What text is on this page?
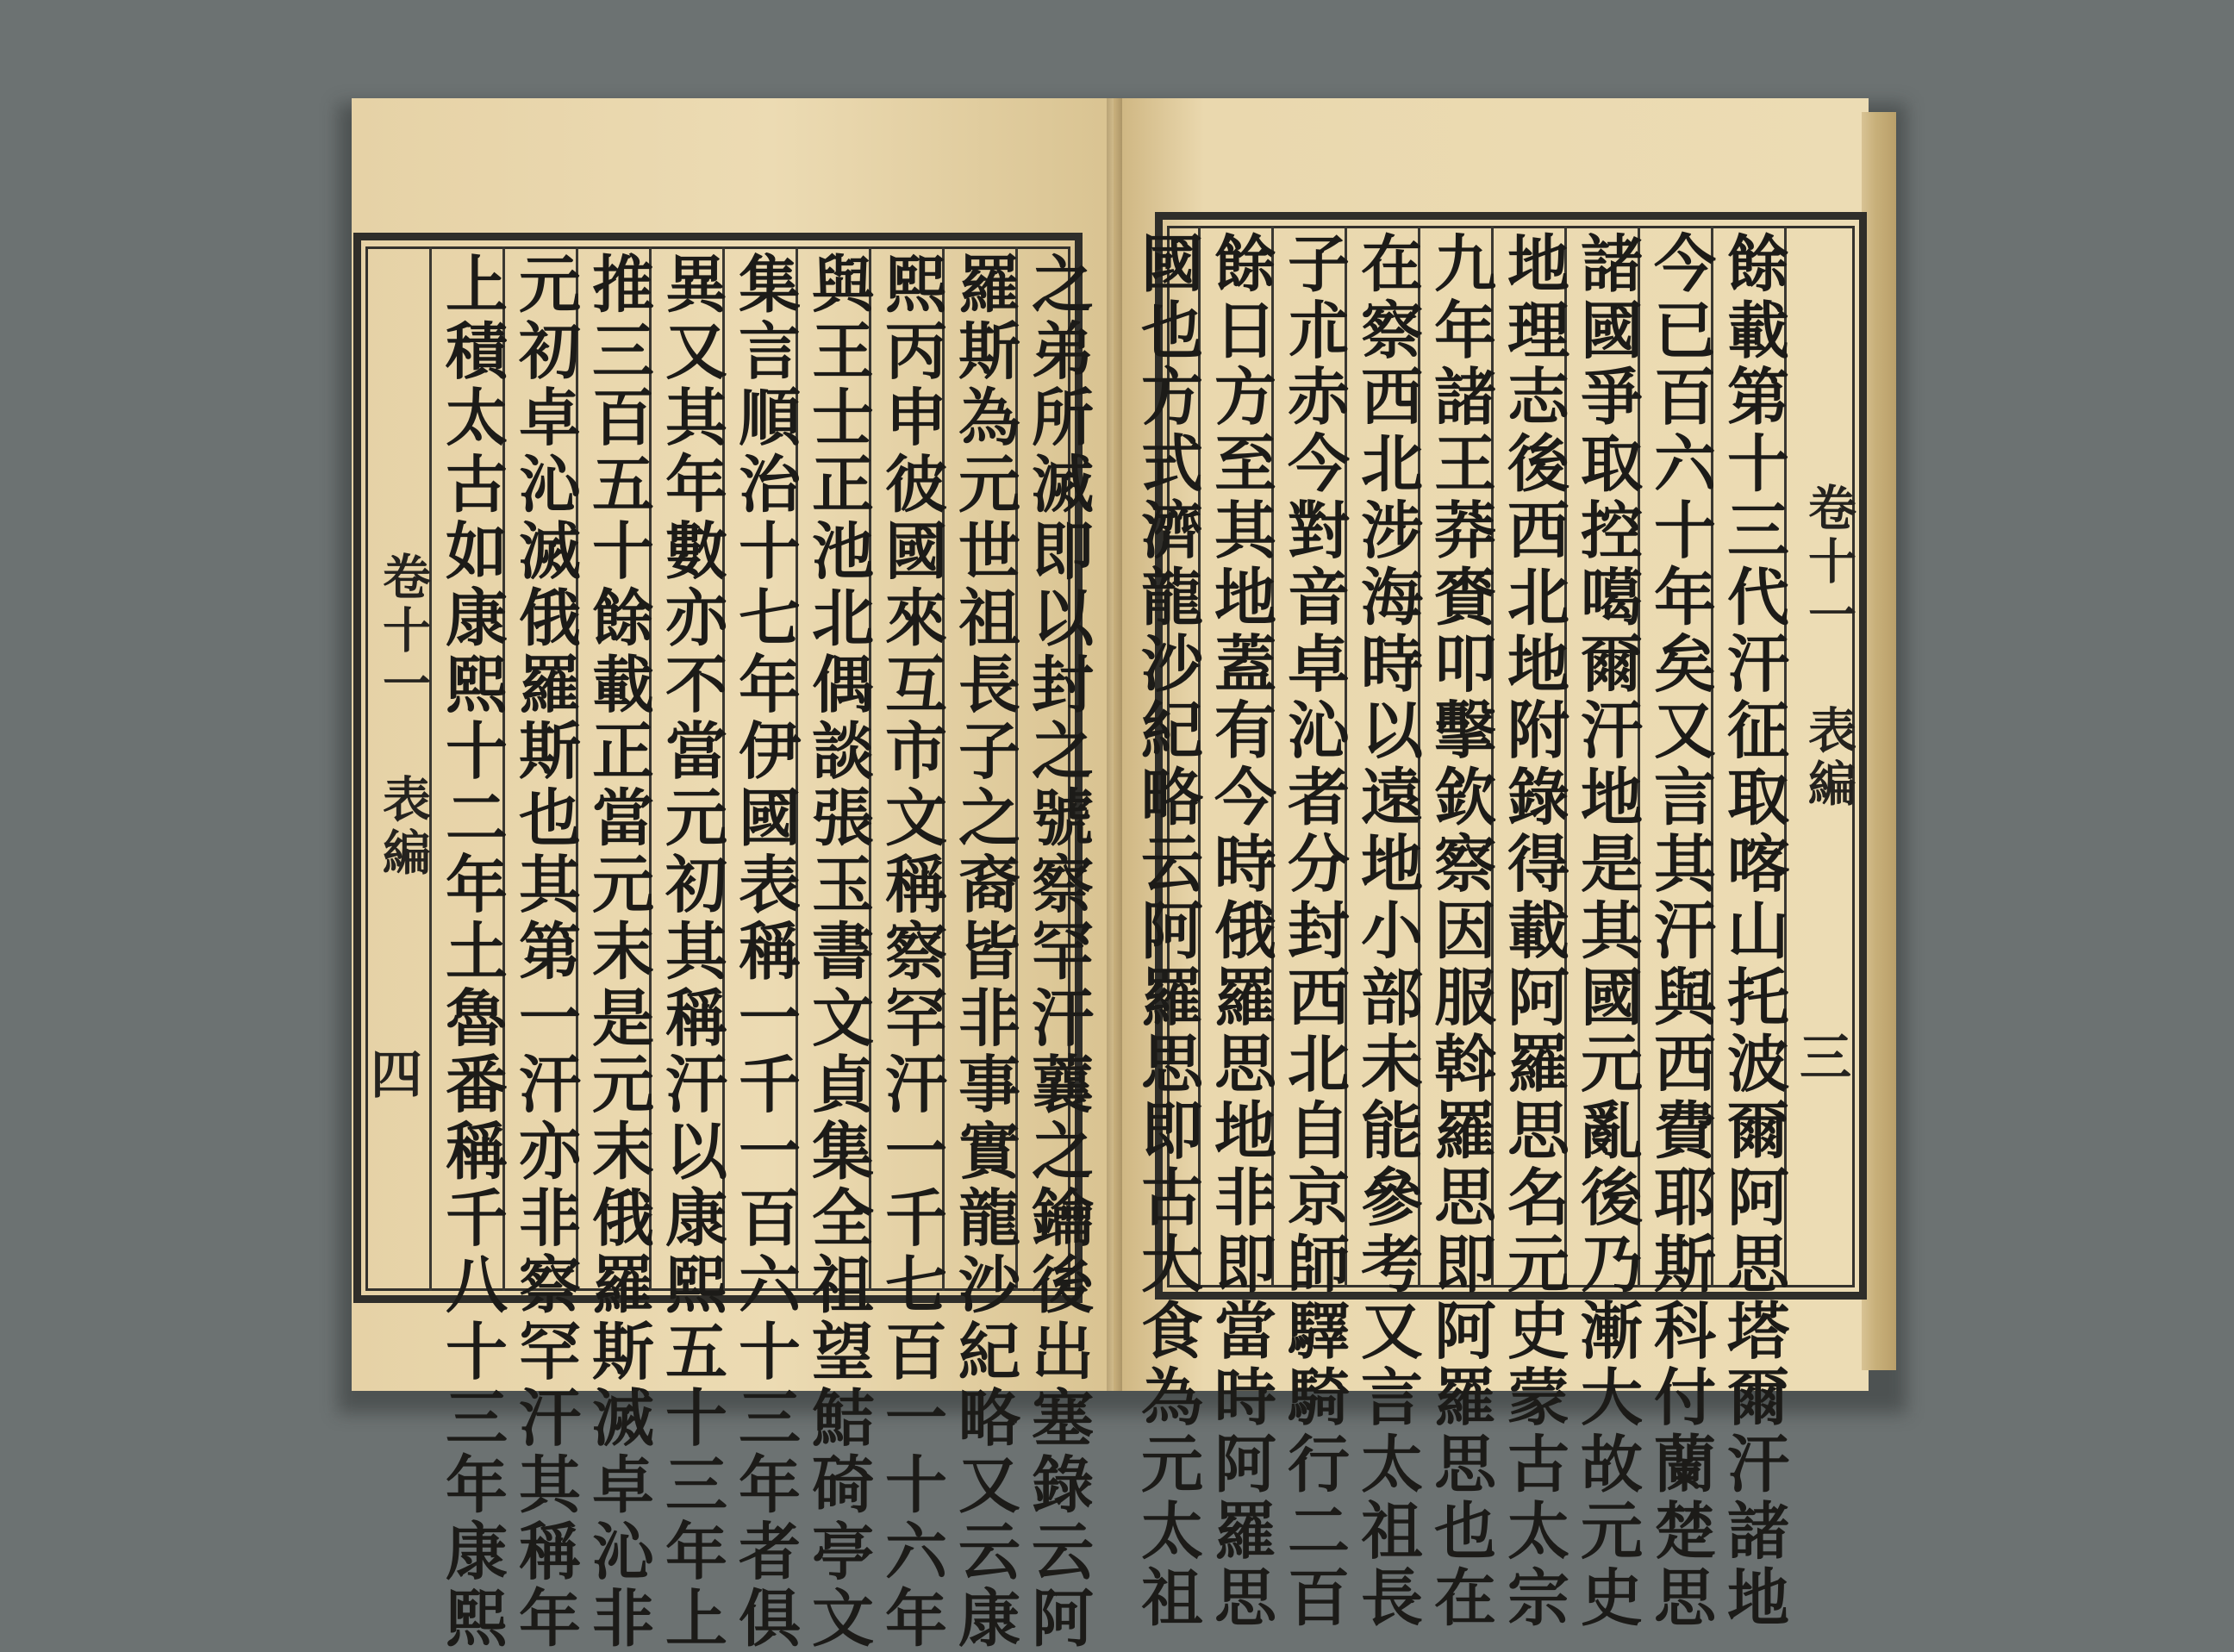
之弟所滅即以封之號察罕汗蘘之鑰後出塞錄云阿
羅斯為元世祖長子之裔皆非事實龍沙紀略又云康
熙丙申彼國來互市文稱察罕汗一千七百一十六年
與王士正池北偶談張玉書文貞集全祖望鮚碕亭文
集言順治十七年伊國表稱一千一百六十三年者俱
異又其年數亦不當元初其稱汗以康熙五十三年上
推三百五十餘載正當元末是元末俄羅斯滅卓沁非
元初卓沁滅俄羅斯也其第一汗亦非察罕汗其稱年
上積太古如康熙十二年土魯番稱千八十三年康熙
卷十一 表編
四
卷十一 表編
三
餘載第十三代汗征取喀山托波爾阿思塔爾汗諸地
今已百六十年矣又言其汗與西費耶斯科付蘭楚思
諸國爭取控噶爾汗地是其國元亂後乃漸大故元史
地理志後西北地附錄得載阿羅思名元史蒙古太宗
九年諸王莽賚叩擊欽察因服斡羅思即阿羅思也在
在察西北涉海時以遠地小部未能參考又言太祖長
子朮赤今對音卓沁者分封西北自京師驛騎行二百
餘日方至其地蓋有今時俄羅思地非即當時阿羅思
國也方式濟龍沙紀略云阿羅思即古大食為元太祖
